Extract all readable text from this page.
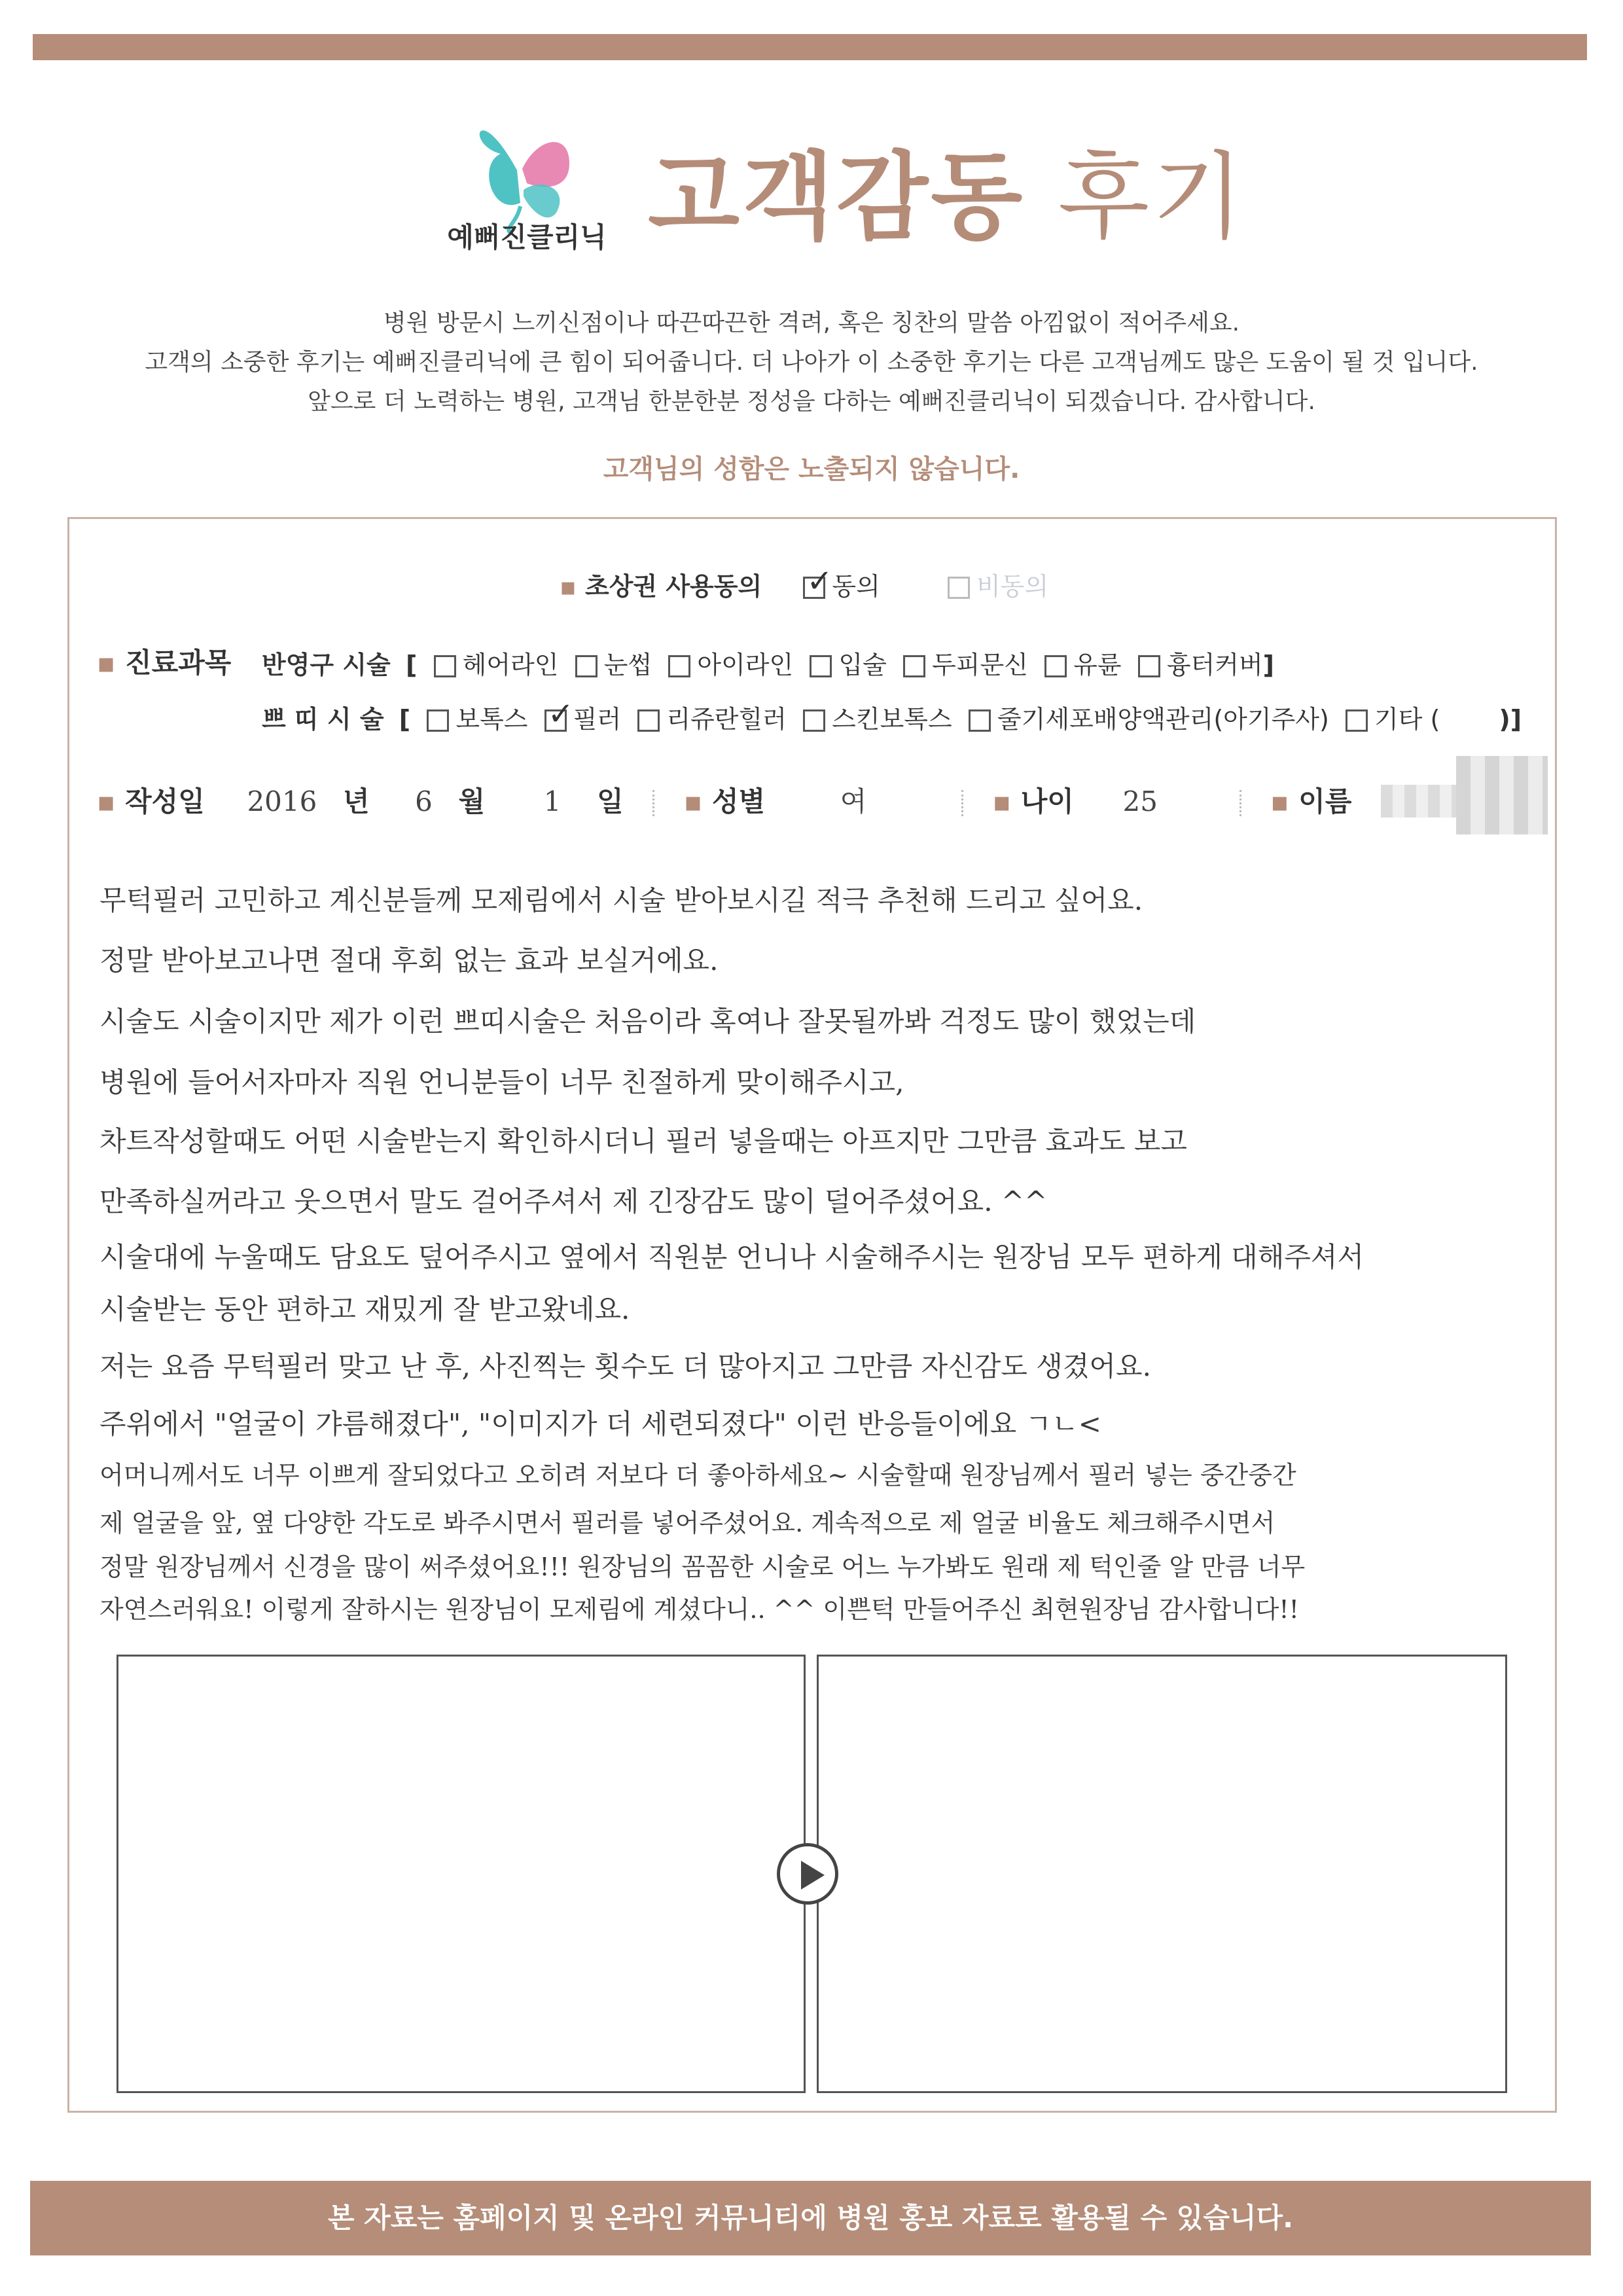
예뻐진클리닉 고객감동 후기
병원 방문시 느끼신점이나 따끈따끈한 격려, 혹은 칭찬의 말씀 아낌없이 적어주세요.
고객의 소중한 후기는 예뻐진클리닉에 큰 힘이 되어줍니다. 더 나아가 이 소중한 후기는 다른 고객님께도 많은 도움이 될 것 입니다.
앞으로 더 노력하는 병원, 고객님 한분한분 정성을 다하는 예뻐진클리닉이 되겠습니다. 감사합니다.
고객님의 성함은 노출되지 않습니다.
▪ 초상권 사용동의 ✓	동의	비동의
▪ 진료과목 반영구 시술 [ 헤어라인 눈썹 아이라인 입술 두피문신 유륜 흉터커버]
쁘 띠 시 술 [ 보톡스 ✓ 필러 리쥬란힐러 스킨보톡스 줄기세포배양액관리(아기주사) 기타 ( )]
▪ 작성일 2016 년 6 월 1 일 ▪ 성별	여	▪ 나이 25	▪ 이름
무턱필러 고민하고 계신분들께 모제림에서 시술 받아보시길 적극 추천해 드리고 싶어요.
정말 받아보고나면 절대 후회 없는 효과 보실거에요.
시술도 시술이지만 제가 이런 쁘띠시술은 처음이라 혹여나 잘못될까봐 걱정도 많이 했었는데
병원에 들어서자마자 직원 언니분들이 너무 친절하게 맞이해주시고,
차트작성할때도 어떤 시술받는지 확인하시더니 필러 넣을때는 아프지만 그만큼 효과도 보고
만족하실꺼라고 웃으면서 말도 걸어주셔서 제 긴장감도 많이 덜어주셨어요. ^^
시술대에 누울때도 담요도 덮어주시고 옆에서 직원분 언니나 시술해주시는 원장님 모두 편하게 대해주셔서
시술받는 동안 편하고 재밌게 잘 받고왔네요.
저는 요즘 무턱필러 맞고 난 후, 사진찍는 횟수도 더 많아지고 그만큼 자신감도 생겼어요.
주위에서 "얼굴이 갸름해졌다", "이미지가 더 세련되졌다" 이런 반응들이에요 ㄱㄴ<
어머니께서도 너무 이쁘게 잘되었다고 오히려 저보다 더 좋아하세요~ 시술할때 원장님께서 필러 넣는 중간중간
제 얼굴을 앞, 옆 다양한 각도로 봐주시면서 필러를 넣어주셨어요. 계속적으로 제 얼굴 비율도 체크해주시면서
정말 원장님께서 신경을 많이 써주셨어요!!! 원장님의 꼼꼼한 시술로 어느 누가봐도 원래 제 턱인줄 알 만큼 너무
자연스러워요! 이렇게 잘하시는 원장님이 모제림에 계셨다니.. ^^ 이쁜턱 만들어주신 최현원장님 감사합니다!!
본 자료는 홈페이지 및 온라인 커뮤니티에 병원 홍보 자료로 활용될 수 있습니다.
